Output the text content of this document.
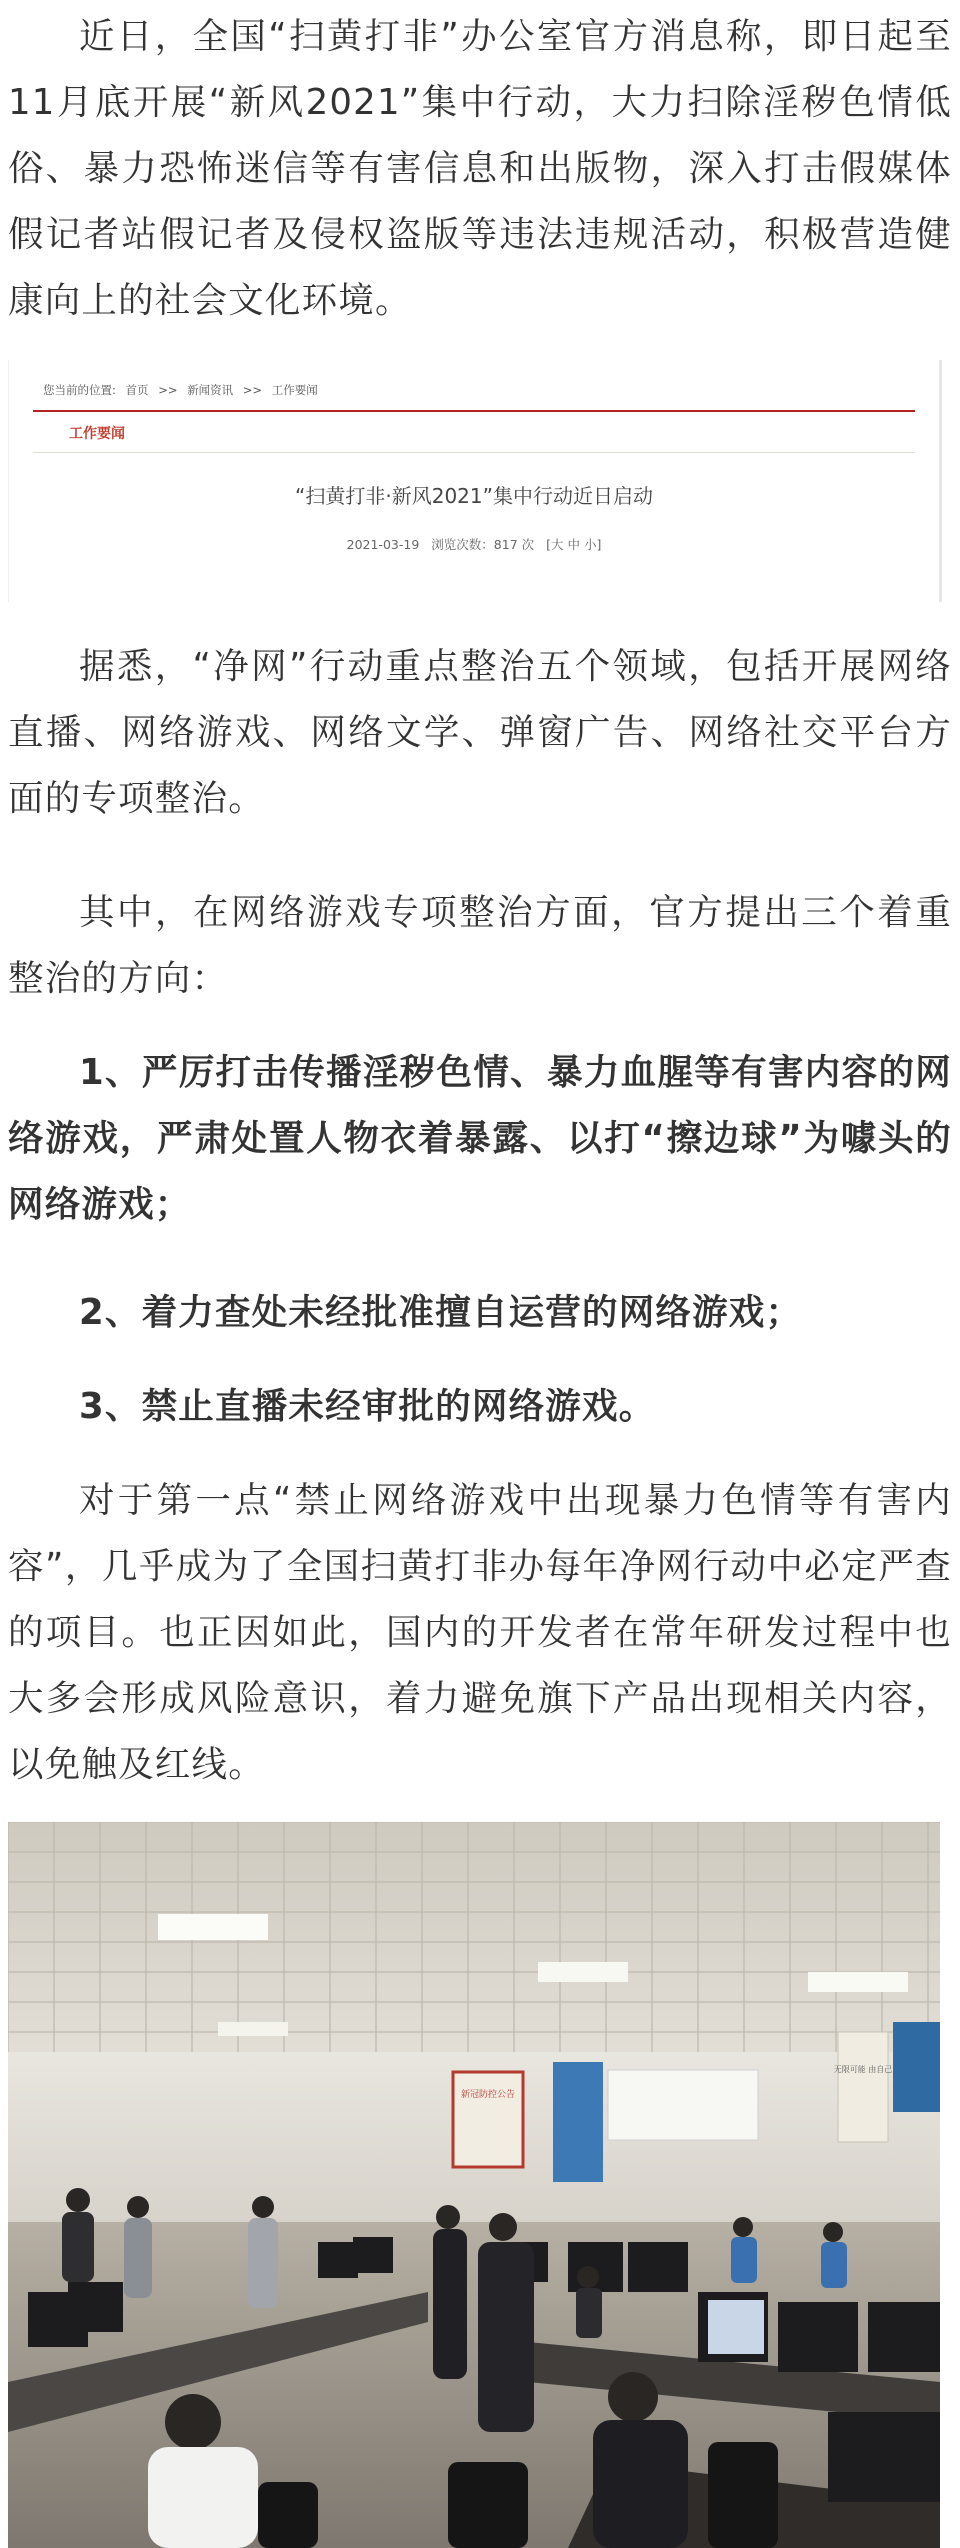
近日，全国“扫黄打非”办公室官方消息称，即日起至11月底开展“新风2021”集中行动，大力扫除淫秽色情低俗、暴力恐怖迷信等有害信息和出版物，深入打击假媒体假记者站假记者及侵权盗版等违法违规活动，积极营造健康向上的社会文化环境。

您当前的位置: 首页 >> 新闻资讯 >> 工作要闻
工作要闻
“扫黄打非·新风2021”集中行动近日启动
2021-03-19 浏览次数：817 次 [大 中 小]

据悉，“净网”行动重点整治五个领域，包括开展网络直播、网络游戏、网络文学、弹窗广告、网络社交平台方面的专项整治。

其中，在网络游戏专项整治方面，官方提出三个着重整治的方向：

1、严厉打击传播淫秽色情、暴力血腥等有害内容的网络游戏，严肃处置人物衣着暴露、以打“擦边球”为噱头的网络游戏；

2、着力查处未经批准擅自运营的网络游戏；

3、禁止直播未经审批的网络游戏。

对于第一点“禁止网络游戏中出现暴力色情等有害内容”，几乎成为了全国扫黄打非办每年净网行动中必定严查的项目。也正因如此，国内的开发者在常年研发过程中也大多会形成风险意识，着力避免旗下产品出现相关内容，以免触及红线。

新冠防控公告
无限可能 由自己
